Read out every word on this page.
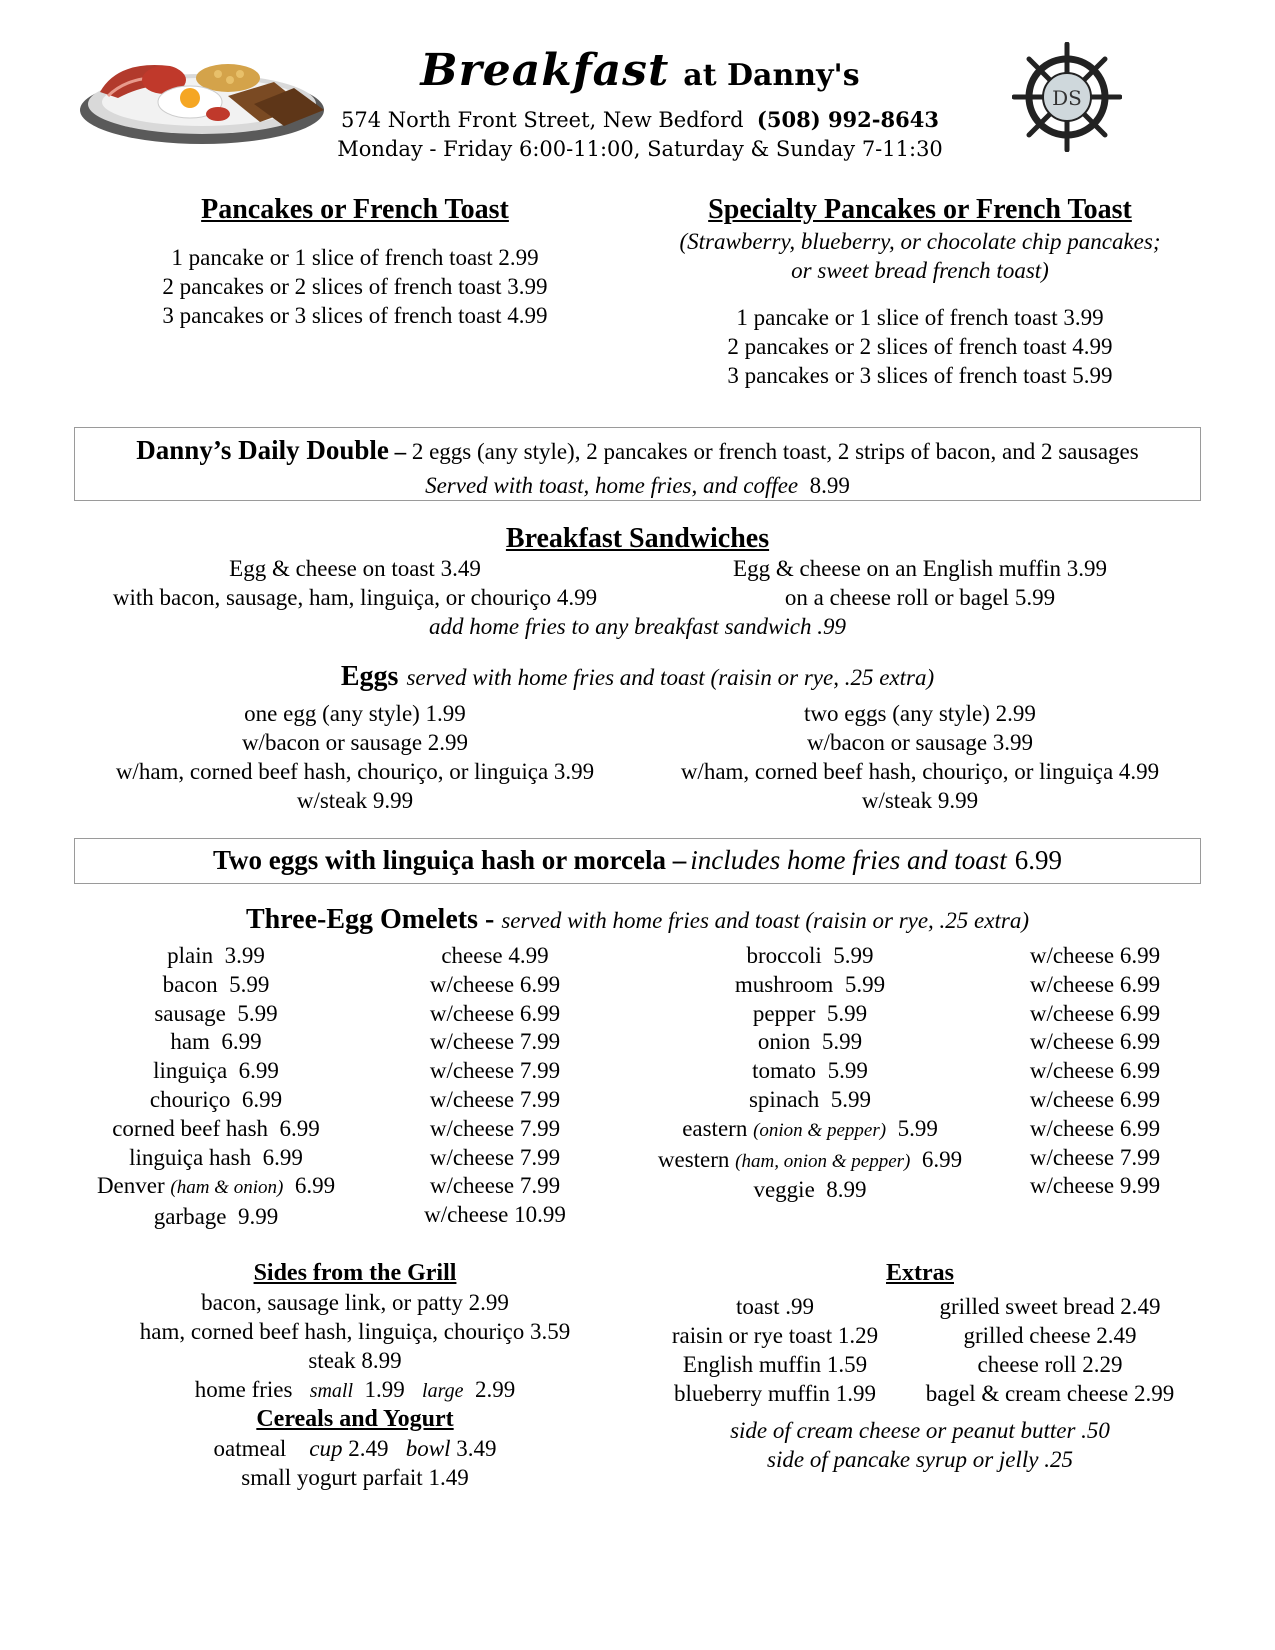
Breakfast at Danny's
574 North Front Street, New Bedford (508) 992-8643
Monday - Friday 6:00-11:00, Saturday & Sunday 7-11:30
DS
Pancakes or French Toast
1 pancake or 1 slice of french toast 2.99
2 pancakes or 2 slices of french toast 3.99
3 pancakes or 3 slices of french toast 4.99
Specialty Pancakes or French Toast
(Strawberry, blueberry, or chocolate chip pancakes;
or sweet bread french toast)
1 pancake or 1 slice of french toast 3.99
2 pancakes or 2 slices of french toast 4.99
3 pancakes or 3 slices of french toast 5.99
Danny’s Daily Double – 2 eggs (any style), 2 pancakes or french toast, 2 strips of bacon, and 2 sausages
Served with toast, home fries, and coffee 8.99
Breakfast Sandwiches
Egg & cheese on toast 3.49
with bacon, sausage, ham, linguiça, or chouriço 4.99
Egg & cheese on an English muffin 3.99
on a cheese roll or bagel 5.99
add home fries to any breakfast sandwich .99
Eggs served with home fries and toast (raisin or rye, .25 extra)
one egg (any style) 1.99
w/bacon or sausage 2.99
w/ham, corned beef hash, chouriço, or linguiça 3.99
w/steak 9.99
two eggs (any style) 2.99
w/bacon or sausage 3.99
w/ham, corned beef hash, chouriço, or linguiça 4.99
w/steak 9.99
Two eggs with linguiça hash or morcela – includes home fries and toast 6.99
Three-Egg Omelets - served with home fries and toast (raisin or rye, .25 extra)
plain 3.99
bacon 5.99
sausage 5.99
ham 6.99
linguiça 6.99
chouriço 6.99
corned beef hash 6.99
linguiça hash 6.99
Denver (ham & onion) 6.99
garbage 9.99
cheese 4.99
w/cheese 6.99
w/cheese 6.99
w/cheese 7.99
w/cheese 7.99
w/cheese 7.99
w/cheese 7.99
w/cheese 7.99
w/cheese 7.99
w/cheese 10.99
broccoli 5.99
mushroom 5.99
pepper 5.99
onion 5.99
tomato 5.99
spinach 5.99
eastern (onion & pepper) 5.99
western (ham, onion & pepper) 6.99
veggie 8.99
w/cheese 6.99
w/cheese 6.99
w/cheese 6.99
w/cheese 6.99
w/cheese 6.99
w/cheese 6.99
w/cheese 6.99
w/cheese 7.99
w/cheese 9.99
Sides from the Grill
bacon, sausage link, or patty 2.99
ham, corned beef hash, linguiça, chouriço 3.59
steak 8.99
home fries small 1.99 large 2.99
Cereals and Yogurt
oatmeal cup 2.49 bowl 3.49
small yogurt parfait 1.49
Extras
toast .99
raisin or rye toast 1.29
English muffin 1.59
blueberry muffin 1.99
grilled sweet bread 2.49
grilled cheese 2.49
cheese roll 2.29
bagel & cream cheese 2.99
side of cream cheese or peanut butter .50
side of pancake syrup or jelly .25
